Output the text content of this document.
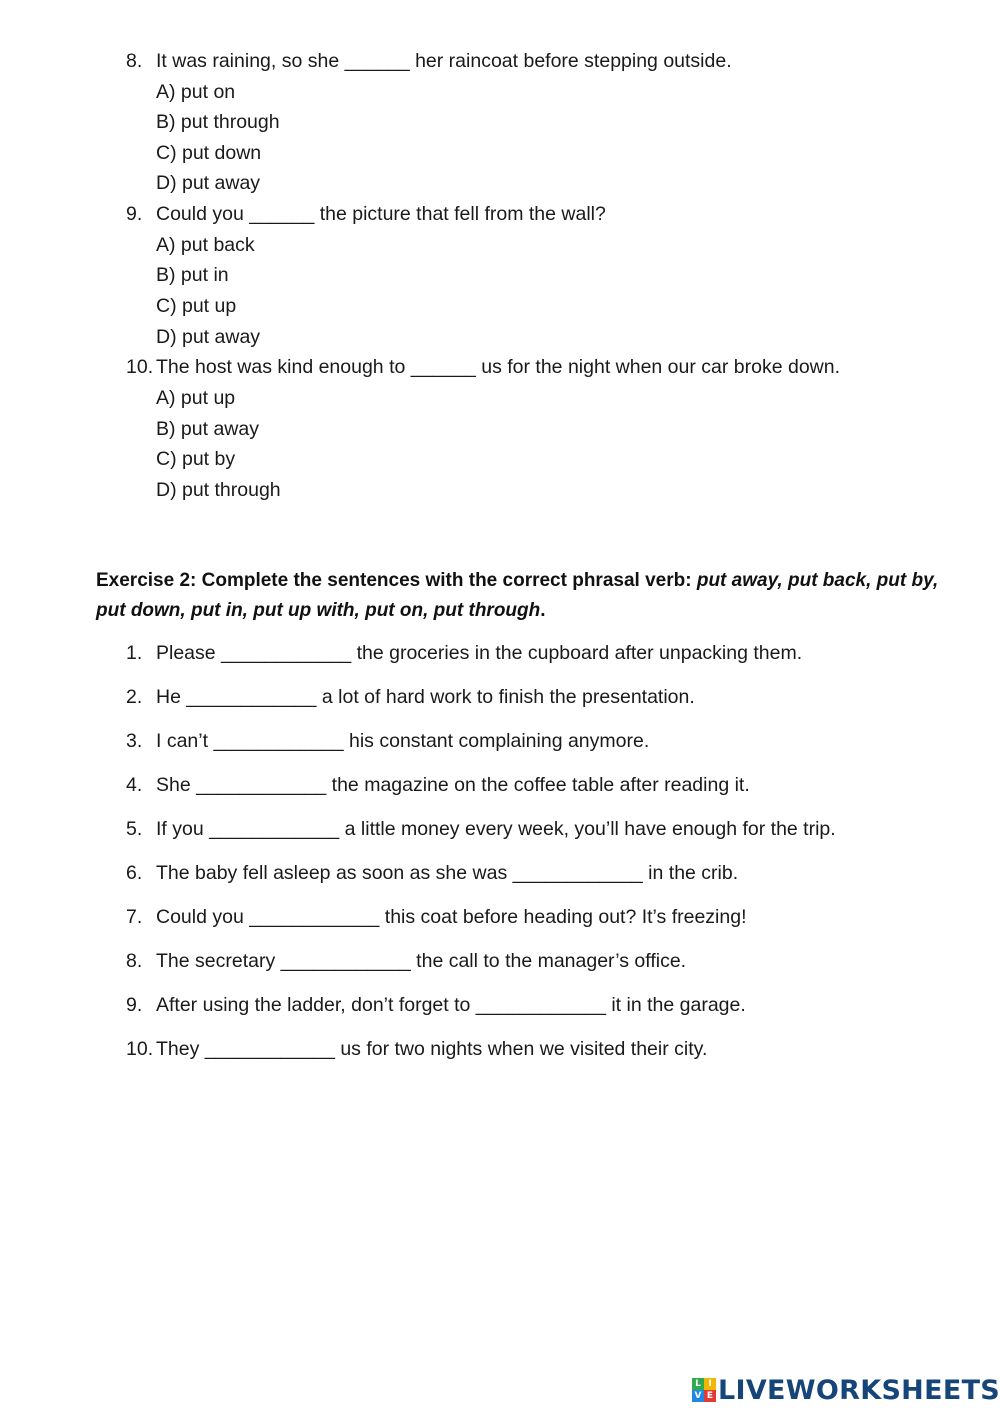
8. It was raining, so she ______ her raincoat before stepping outside.
A) put on
B) put through
C) put down
D) put away
9. Could you ______ the picture that fell from the wall?
A) put back
B) put in
C) put up
D) put away
10. The host was kind enough to ______ us for the night when our car broke down.
A) put up
B) put away
C) put by
D) put through
Exercise 2: Complete the sentences with the correct phrasal verb: put away, put back, put by, put down, put in, put up with, put on, put through.
1. Please ____________ the groceries in the cupboard after unpacking them.
2. He ____________ a lot of hard work to finish the presentation.
3. I can’t ____________ his constant complaining anymore.
4. She ____________ the magazine on the coffee table after reading it.
5. If you ____________ a little money every week, you’ll have enough for the trip.
6. The baby fell asleep as soon as she was ____________ in the crib.
7. Could you ____________ this coat before heading out? It’s freezing!
8. The secretary ____________ the call to the manager’s office.
9. After using the ladder, don’t forget to ____________ it in the garage.
10. They ____________ us for two nights when we visited their city.
L I
V E LIVEWORKSHEETS
